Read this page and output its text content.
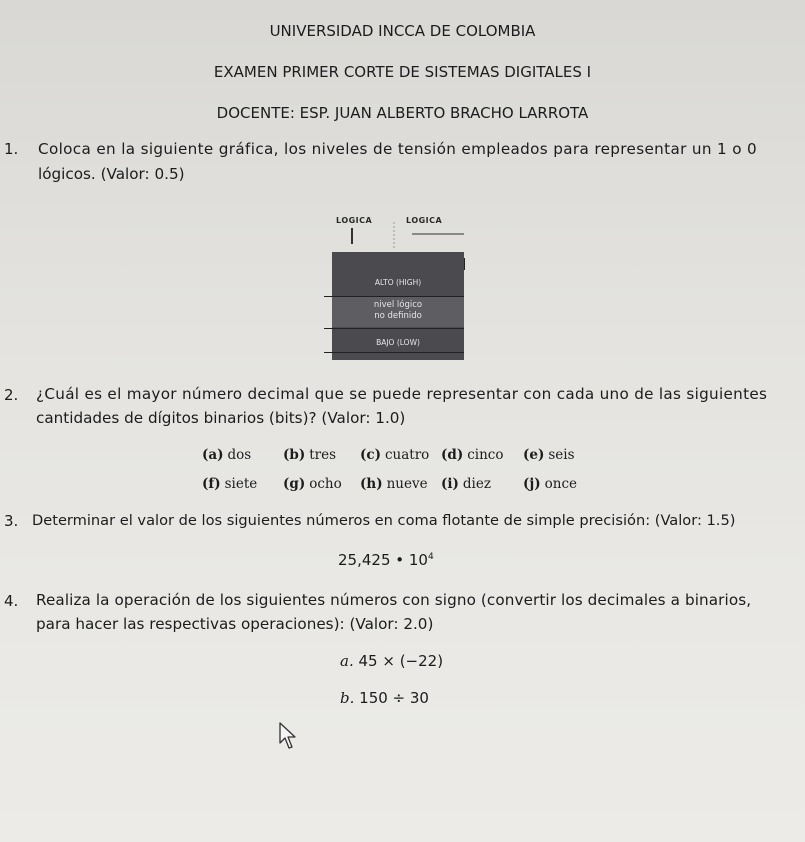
UNIVERSIDAD INCCA DE COLOMBIA
EXAMEN PRIMER CORTE DE SISTEMAS DIGITALES I
DOCENTE: ESP. JUAN ALBERTO BRACHO LARROTA
1. Coloca en la siguiente gráfica, los niveles de tensión empleados para representar un 1 o 0
lógicos. (Valor: 0.5)
LOGICA	LOGICA
ALTO (HIGH)
nivel lógico
no definido
BAJO (LOW)
2. ¿Cuál es el mayor número decimal que se puede representar con cada uno de las siguientes
cantidades de dígitos binarios (bits)? (Valor: 1.0)
(a) dos (b) tres (c) cuatro (d) cinco (e) seis
(f) siete (g) ocho (h) nueve (i) diez (j) once
3. Determinar el valor de los siguientes números en coma flotante de simple precisión: (Valor: 1.5)
25,425 • $10^4$
4. Realiza la operación de los siguientes números con signo (convertir los decimales a binarios,
para hacer las respectivas operaciones): (Valor: 2.0)
a. 45 × (−22)
b. 150 ÷ 30
